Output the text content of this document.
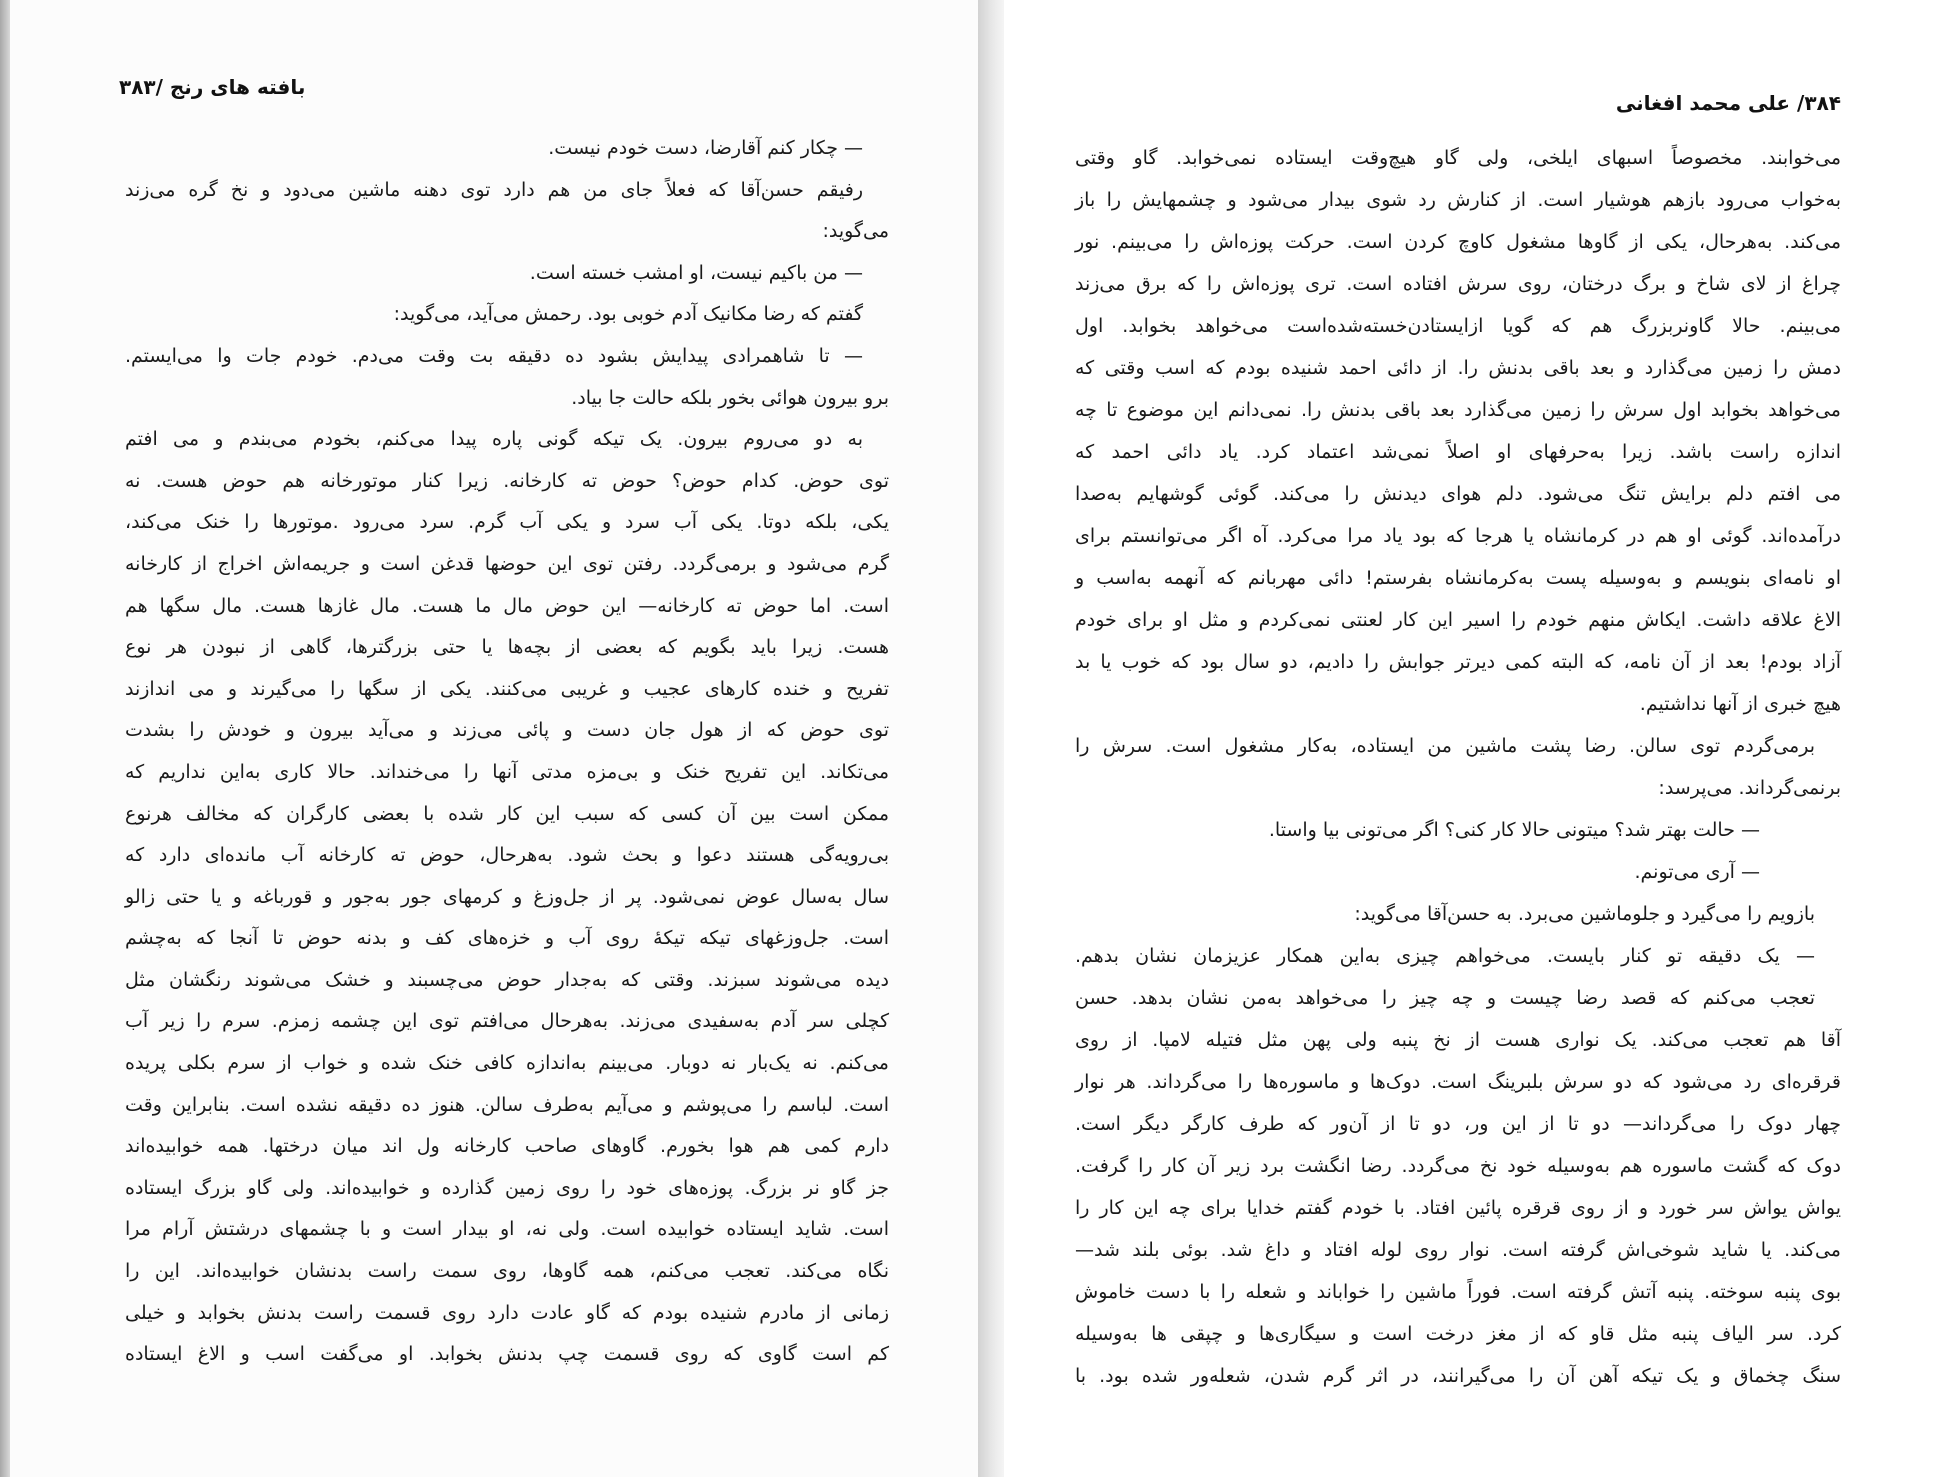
بافته های رنج /۳۸۳
— چکار کنم آقارضا، دست خودم نیست.
رفیقم حسن‌آقا که فعلاً جای من هم دارد توی دهنه ماشین می‌دود و نخ گره می‌زند
می‌گوید:
— من باکیم نیست، او امشب خسته است.
گفتم که رضا مکانیک آدم خوبی بود. رحمش می‌آید، می‌گوید:
— تا شاهمرادی پیدایش بشود ده دقیقه بت وقت می‌دم. خودم جات وا می‌ایستم.
برو بیرون هوائی بخور بلکه حالت جا بیاد.
به دو می‌روم بیرون. یک تیکه گونی پاره پیدا می‌کنم، بخودم می‌بندم و می افتم
توی حوض. کدام حوض؟ حوض ته کارخانه. زیرا کنار موتورخانه هم حوض هست. نه
یکی، بلکه دوتا. یکی آب سرد و یکی آب گرم. سرد می‌رود .موتورها را خنک می‌کند،
گرم می‌شود و برمی‌گردد. رفتن توی این حوضها قدغن است و جریمه‌اش اخراج از کارخانه
است. اما حوض ته کارخانه— این حوض مال ما هست. مال غازها هست. مال سگها هم
هست. زیرا باید بگویم که بعضی از بچه‌ها یا حتی بزرگترها، گاهی از نبودن هر نوع
تفریح و خنده کارهای عجیب و غریبی می‌کنند. یکی از سگها را می‌گیرند و می اندازند
توی حوض که از هول جان دست و پائی می‌زند و می‌آید بیرون و خودش را بشدت
می‌تکاند. این تفریح خنک و بی‌مزه مدتی آنها را می‌خنداند. حالا کاری به‌این نداریم که
ممکن است بین آن کسی که سبب این کار شده با بعضی کارگران که مخالف هرنوع
بی‌رویه‌گی هستند دعوا و بحث شود. به‌هرحال، حوض ته کارخانه آب مانده‌ای دارد که
سال به‌سال عوض نمی‌شود. پر از جل‌وزغ و کرمهای جور به‌جور و قورباغه و یا حتی زالو
است. جل‌وزغهای تیکه تیکهٔ روی آب و خزه‌های کف و بدنه حوض تا آنجا که به‌چشم
دیده می‌شوند سبزند. وقتی که به‌جدار حوض می‌چسبند و خشک می‌شوند رنگشان مثل
کچلی سر آدم به‌سفیدی می‌زند. به‌هرحال می‌افتم توی این چشمه زمزم. سرم را زیر آب
می‌کنم. نه یک‌بار نه دوبار. می‌بینم به‌اندازه کافی خنک شده و خواب از سرم بکلی پریده
است. لباسم را می‌پوشم و می‌آیم به‌طرف سالن. هنوز ده دقیقه نشده است. بنابراین وقت
دارم کمی هم هوا بخورم. گاوهای صاحب کارخانه ول اند میان درختها. همه خوابیده‌اند
جز گاو نر بزرگ. پوزه‌های خود را روی زمین گذارده و خوابیده‌اند. ولی گاو بزرگ ایستاده
است. شاید ایستاده خوابیده است. ولی نه، او بیدار است و با چشمهای درشتش آرام مرا
نگاه می‌کند. تعجب می‌کنم، همه گاوها، روی سمت راست بدنشان خوابیده‌اند. این را
زمانی از مادرم شنیده بودم که گاو عادت دارد روی قسمت راست بدنش بخوابد و خیلی
کم است گاوی که روی قسمت چپ بدنش بخوابد. او می‌گفت اسب و الاغ ایستاده
۳۸۴/ علی محمد افغانی
می‌خوابند. مخصوصاً اسبهای ایلخی، ولی گاو هیچ‌وقت ایستاده نمی‌خوابد. گاو وقتی
به‌خواب می‌رود بازهم هوشیار است. از کنارش رد شوی بیدار می‌شود و چشمهایش را باز
می‌کند. به‌هرحال، یکی از گاوها مشغول کاوچ کردن است. حرکت پوزه‌اش را می‌بینم. نور
چراغ از لای شاخ و برگ درختان، روی سرش افتاده است. تری پوزه‌اش را که برق می‌زند
می‌بینم. حالا گاونربزرگ هم که گویا ازایستادن‌خسته‌شده‌است می‌خواهد بخوابد. اول
دمش را زمین می‌گذارد و بعد باقی بدنش را. از دائی احمد شنیده بودم که اسب وقتی که
می‌خواهد بخوابد اول سرش را زمین می‌گذارد بعد باقی بدنش را. نمی‌دانم این موضوع تا چه
اندازه راست باشد. زیرا به‌حرفهای او اصلاً نمی‌شد اعتماد کرد. یاد دائی احمد که
می افتم دلم برایش تنگ می‌شود. دلم هوای دیدنش را می‌کند. گوئی گوشهایم به‌صدا
درآمده‌اند. گوئی او هم در کرمانشاه یا هرجا که بود یاد مرا می‌کرد. آه اگر می‌توانستم برای
او نامه‌ای بنویسم و به‌وسیله پست به‌کرمانشاه بفرستم! دائی مهربانم که آنهمه به‌اسب و
الاغ علاقه داشت. ایکاش منهم خودم را اسیر این کار لعنتی نمی‌کردم و مثل او برای خودم
آزاد بودم! بعد از آن نامه، که البته کمی دیرتر جوابش را دادیم، دو سال بود که خوب یا بد
هیچ خبری از آنها نداشتیم.
برمی‌گردم توی سالن. رضا پشت ماشین من ایستاده، به‌کار مشغول است. سرش را
برنمی‌گرداند. می‌پرسد:
— حالت بهتر شد؟ میتونی حالا کار کنی؟ اگر می‌تونی بیا واستا.
— آری می‌تونم.
بازویم را می‌گیرد و جلوماشین می‌برد. به حسن‌آقا می‌گوید:
— یک دقیقه تو کنار بایست. می‌خواهم چیزی به‌این همکار عزیزمان نشان بدهم.
تعجب می‌کنم که قصد رضا چیست و چه چیز را می‌خواهد به‌من نشان بدهد. حسن
آقا هم تعجب می‌کند. یک نواری هست از نخ پنبه ولی پهن مثل فتیله لامپا. از روی
قرقره‌ای رد می‌شود که دو سرش بلبرینگ است. دوک‌ها و ماسوره‌ها را می‌گرداند. هر نوار
چهار دوک را می‌گرداند— دو تا از این ور، دو تا از آن‌ور که طرف کارگر دیگر است.
دوک که گشت ماسوره هم به‌وسیله خود نخ می‌گردد. رضا انگشت برد زیر آن کار را گرفت.
یواش یواش سر خورد و از روی قرقره پائین افتاد. با خودم گفتم خدایا برای چه این کار را
می‌کند. یا شاید شوخی‌اش گرفته است. نوار روی لوله افتاد و داغ شد. بوئی بلند شد—
بوی پنبه سوخته. پنبه آتش گرفته است. فوراً ماشین را خواباند و شعله را با دست خاموش
کرد. سر الیاف پنبه مثل قاو که از مغز درخت است و سیگاری‌ها و چپقی ها به‌وسیله
سنگ چخماق و یک تیکه آهن آن را می‌گیرانند، در اثر گرم شدن، شعله‌ور شده بود. با
